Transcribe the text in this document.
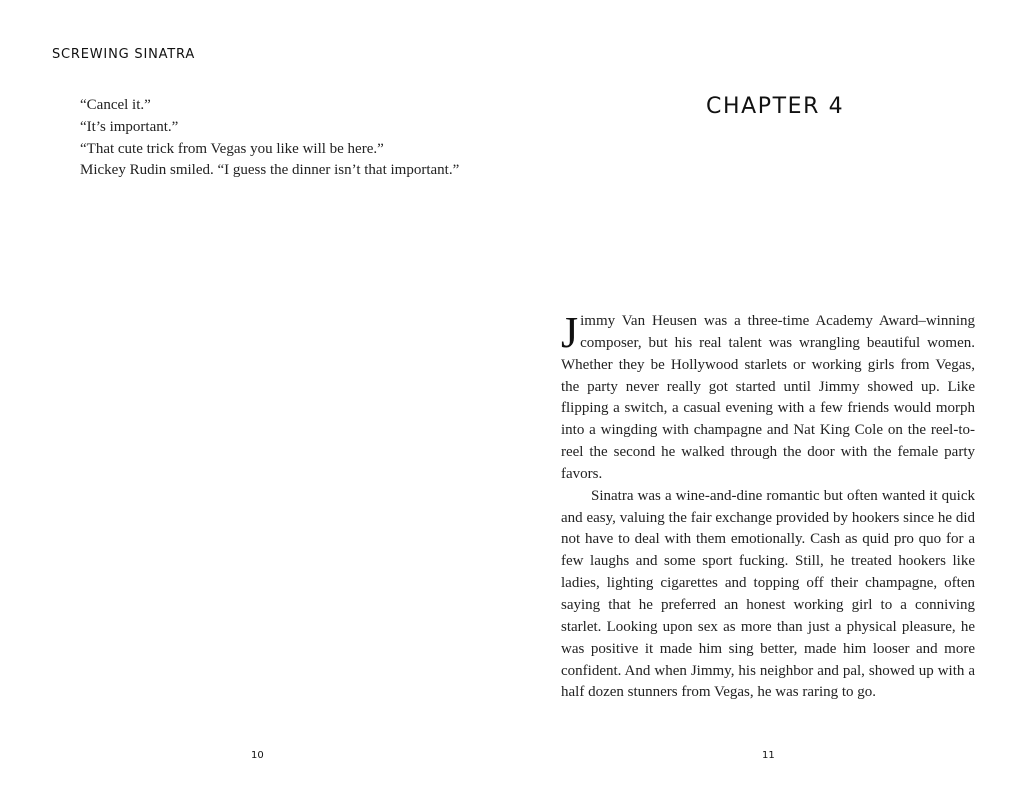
SCREWING SINATRA

“Cancel it.”

“It’s important.”

“That cute trick from Vegas you like will be here.”

Mickey Rudin smiled. “I guess the dinner isn’t that important.”

10
CHAPTER 4

Jimmy Van Heusen was a three-time Academy Award–winning composer, but his real talent was wrangling beautiful women. Whether they be Hollywood starlets or working girls from Vegas, the party never really got started until Jimmy showed up. Like flipping a switch, a casual evening with a few friends would morph into a wingding with champagne and Nat King Cole on the reel-to-reel the second he walked through the door with the female party favors.

Sinatra was a wine-and-dine romantic but often wanted it quick and easy, valuing the fair exchange provided by hookers since he did not have to deal with them emotionally. Cash as quid pro quo for a few laughs and some sport fucking. Still, he treated hookers like ladies, lighting cigarettes and topping off their champagne, often saying that he preferred an honest working girl to a conniving starlet. Looking upon sex as more than just a physical pleasure, he was positive it made him sing better, made him looser and more confident. And when Jimmy, his neighbor and pal, showed up with a half dozen stunners from Vegas, he was raring to go.

11
